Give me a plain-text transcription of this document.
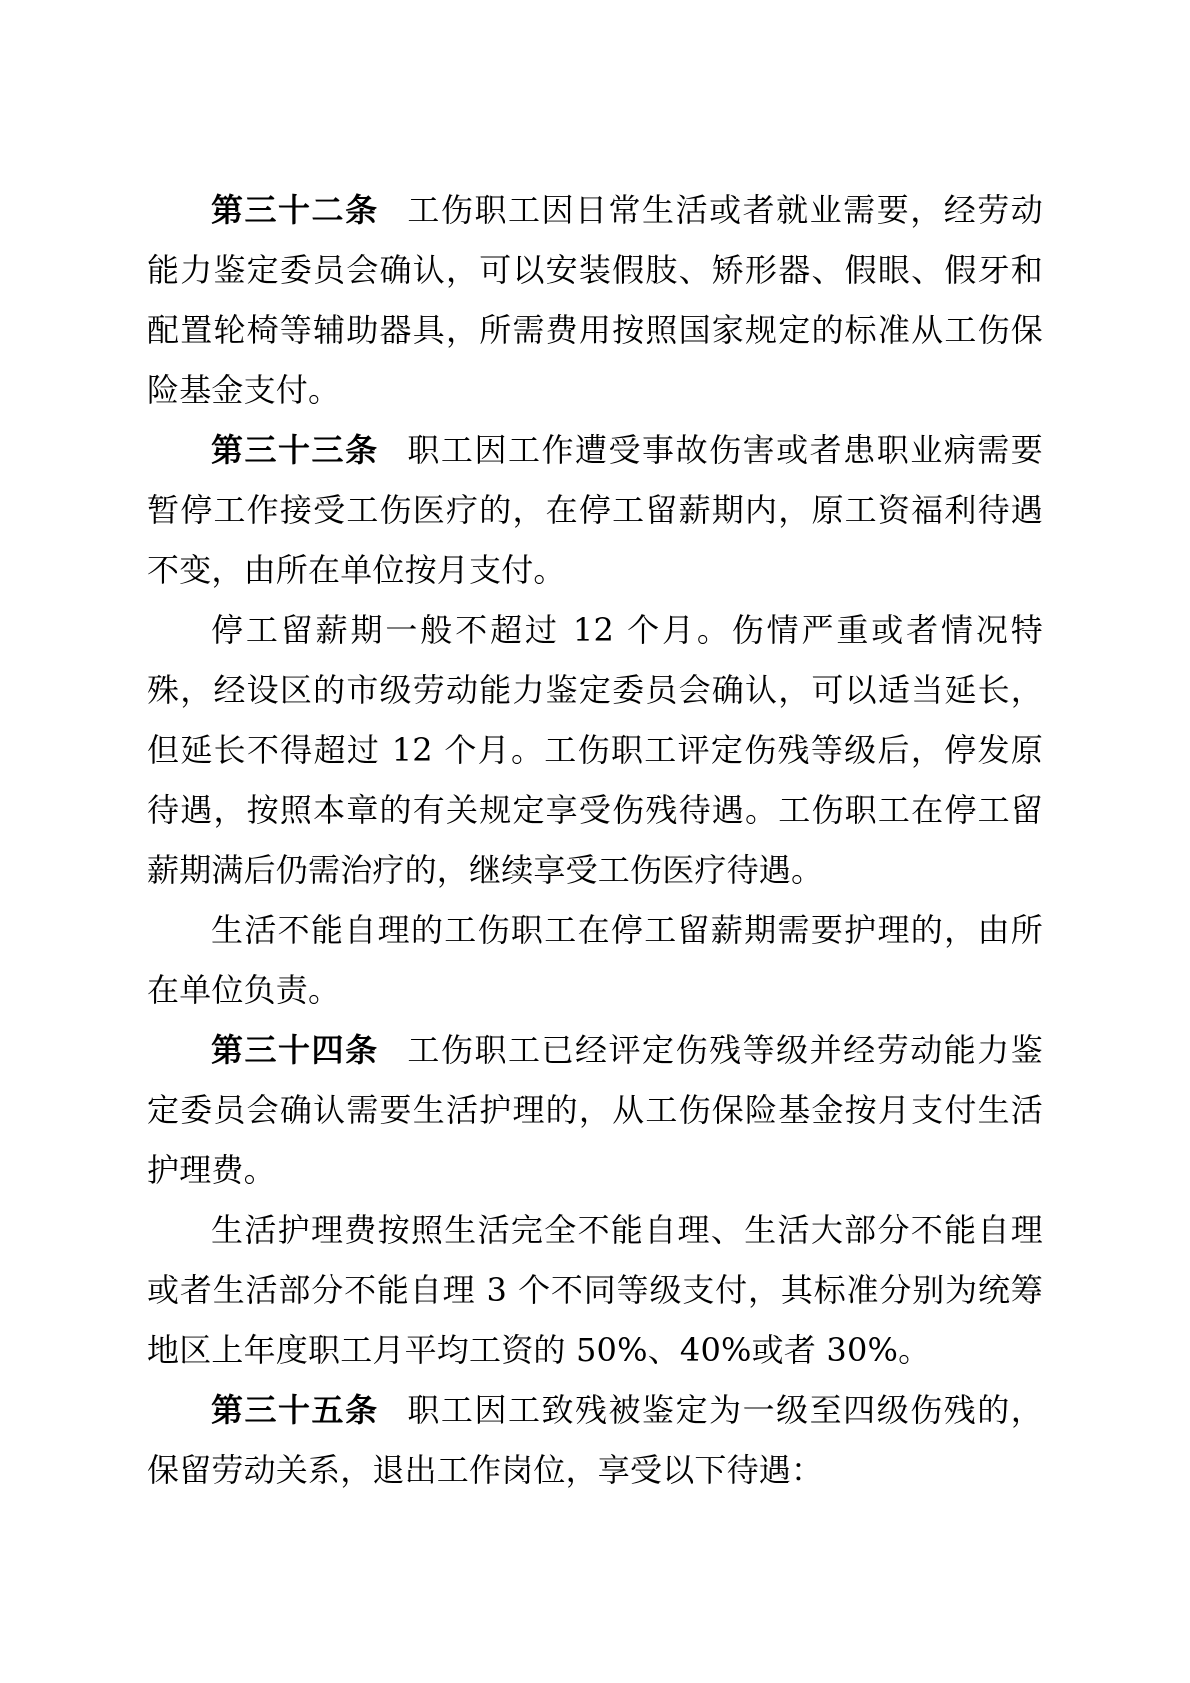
第三十二条 工伤职工因日常生活或者就业需要，经劳动能力鉴定委员会确认，可以安装假肢、矫形器、假眼、假牙和配置轮椅等辅助器具，所需费用按照国家规定的标准从工伤保险基金支付。

第三十三条 职工因工作遭受事故伤害或者患职业病需要暂停工作接受工伤医疗的，在停工留薪期内，原工资福利待遇不变，由所在单位按月支付。

停工留薪期一般不超过 12 个月。伤情严重或者情况特殊，经设区的市级劳动能力鉴定委员会确认，可以适当延长，但延长不得超过 12 个月。工伤职工评定伤残等级后，停发原待遇，按照本章的有关规定享受伤残待遇。工伤职工在停工留薪期满后仍需治疗的，继续享受工伤医疗待遇。

生活不能自理的工伤职工在停工留薪期需要护理的，由所在单位负责。

第三十四条 工伤职工已经评定伤残等级并经劳动能力鉴定委员会确认需要生活护理的，从工伤保险基金按月支付生活护理费。

生活护理费按照生活完全不能自理、生活大部分不能自理或者生活部分不能自理 3 个不同等级支付，其标准分别为统筹地区上年度职工月平均工资的 50%、40%或者 30%。

第三十五条 职工因工致残被鉴定为一级至四级伤残的，保留劳动关系，退出工作岗位，享受以下待遇：
